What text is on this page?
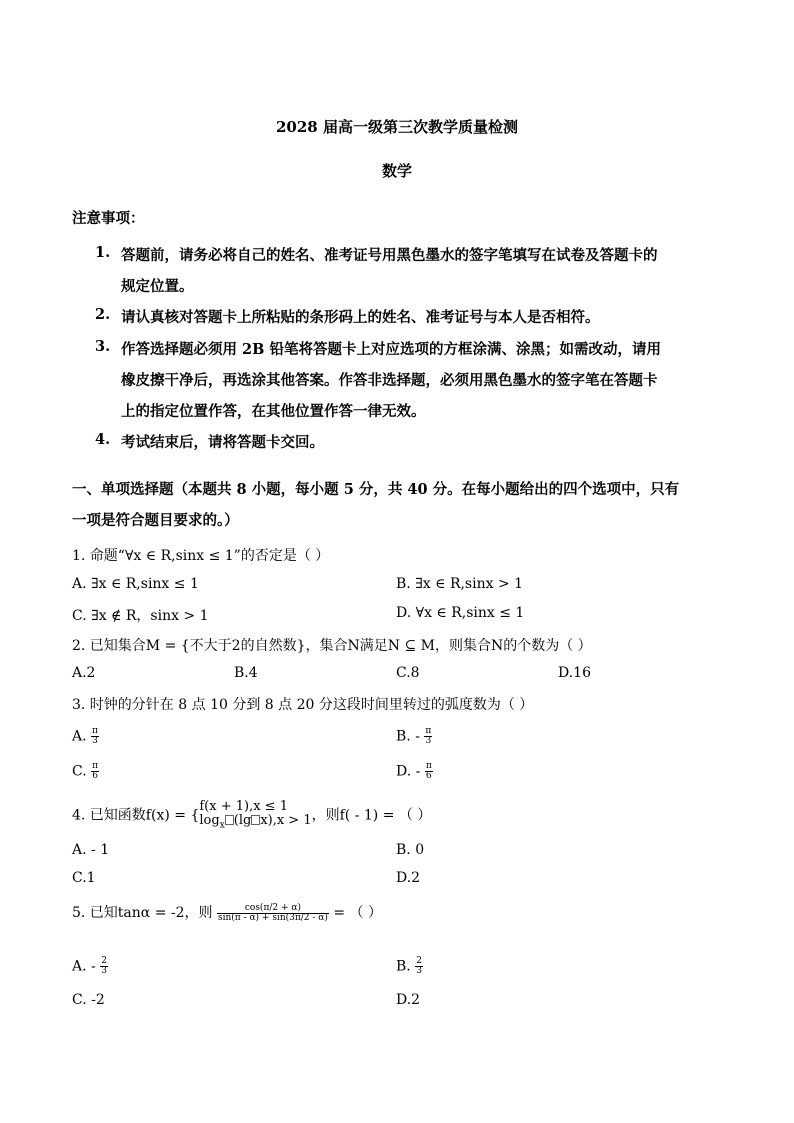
2028 届高一级第三次教学质量检测
数学
注意事项：
1. 答题前，请务必将自己的姓名、准考证号用黑色墨水的签字笔填写在试卷及答题卡的
规定位置。
2. 请认真核对答题卡上所粘贴的条形码上的姓名、准考证号与本人是否相符。
3. 作答选择题必须用 2B 铅笔将答题卡上对应选项的方框涂满、涂黑；如需改动，请用
橡皮擦干净后，再选涂其他答案。作答非选择题，必须用黑色墨水的签字笔在答题卡
上的指定位置作答，在其他位置作答一律无效。
4. 考试结束后，请将答题卡交回。
一、单项选择题（本题共 8 小题，每小题 5 分，共 40 分。在每小题给出的四个选项中，只有
一项是符合题目要求的。）
1. 命题“∀x ∈ R,sinx ≤ 1”的否定是（ ）
A. ∃x ∈ R,sinx ≤ 1	B. ∃x ∈ R,sinx > 1
C. ∃x ∉ R，sinx > 1	D. ∀x ∈ R,sinx ≤ 1
2. 已知集合M = {不大于2的自然数}，集合N满足N ⊆ M，则集合N的个数为（ ）
A.2	B.4	C.8	D.16
3. 时钟的分针在 8 点 10 分到 8 点 20 分这段时间里转过的弧度数为（ ）
A. $\frac{\pi}{3}$	B. - $\frac{\pi}{3}$
C. $\frac{\pi}{6}$	D. - $\frac{\pi}{6}$
4. 已知函数f(x) = {
f(x + 1),x ≤ 1
$\log_x (\lg$ x),x > 1 ，则f( - 1) = （ ）
A. - 1	B. 0
C.1	D.2
5. 已知tanα = -2，则 $\frac{\cos(\pi/2 + \alpha)}{\sin(\pi - \alpha) + \sin(3\pi/2 - \alpha)}$ = （ ）
A. - $\frac{2}{3}$	B. $\frac{2}{3}$
C. -2	D.2
